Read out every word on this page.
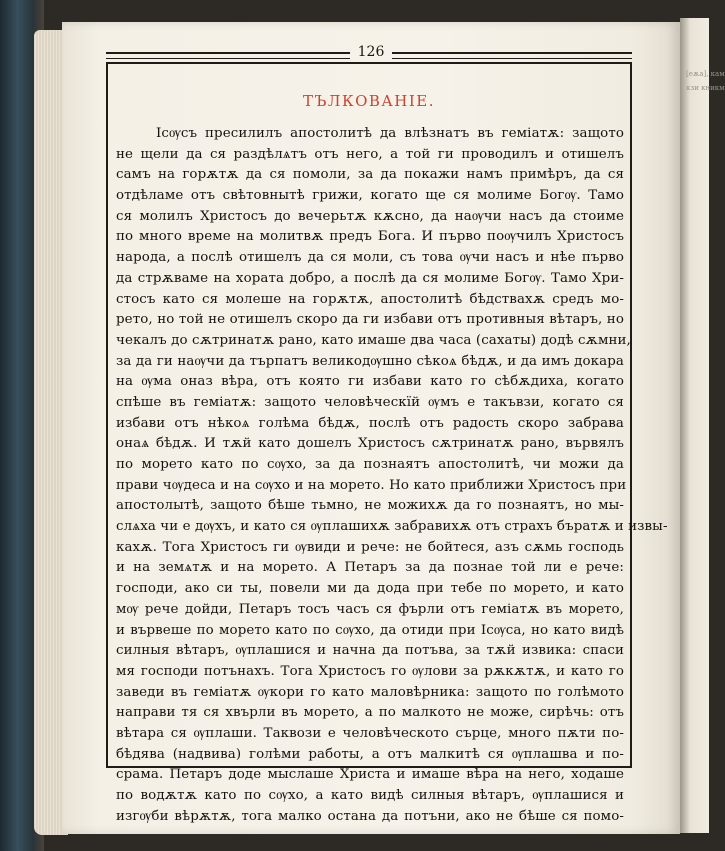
[еѫа], кам
кзи кникм
126
ТЪЛКОВАНІЕ.
Ісѹсъ пресилилъ апостолитѣ да влѣзнатъ въ гемiатѫ: защото
не щели да ся раздѣлѧтъ отъ него, а той ги проводилъ и отишелъ
самъ на горѫтѫ да ся помоли, за да покажи намъ примѣръ, да ся
отдѣламе отъ свѣтовнытѣ грижи, когато ще ся молиме Богѹ. Тамо
ся молилъ Христосъ до вечерьтѫ кѫсно, да наѹчи насъ да стоиме
по много време на молитвѫ предъ Бога. И първо поѹчилъ Христосъ
народа, а послѣ отишелъ да ся моли, съ това ѹчи насъ и нѣе първо
да стрѫваме на хората добро, а послѣ да ся молиме Богѹ. Тамо Хри-
стосъ като ся молеше на горѫтѫ, апостолитѣ бѣдствахѫ средъ мо-
рето, но той не отишелъ скоро да ги избави отъ противныя вѣтаръ, но
чекалъ до сѫтринатѫ рано, като имаше два часа (сахаты) додѣ сѫмни,
за да ги наѹчи да търпатъ великодѹшно сѣкоѧ бѣдѫ, и да имъ докара
на ѹма оназ вѣра, отъ която ги избави като го сѣбѫдиха, когато
спѣше въ гемiатѫ: защото человѣческїй ѹмъ е такъвзи, когато ся
избави отъ нѣкоѧ голѣма бѣдѫ, послѣ отъ радость скоро забрава
онаѧ бѣдѫ. И тѫй като дошелъ Христосъ сѫтринатѫ рано, вървялъ
по морето като по сѹхо, за да познаятъ апостолитѣ, чи можи да
прави чѹдеса и на сѹхо и на морето. Но като приближи Христосъ при
апостолытѣ, защото бѣше тьмно, не можихѫ да го познаятъ, но мы-
слѧха чи е дѹхъ, и като ся ѹплашихѫ забравихѫ отъ страхъ бъратѫ и извы-
кахѫ. Тога Христосъ ги ѹвиди и рече: не бойтеся, азъ сѫмь господь
и на земѧтѫ и на морето. А Петаръ за да познае той ли е рече:
господи, ако си ты, повели ми да дода при тебе по морето, и като
мѹ рече дойди, Петаръ тосъ часъ ся фърли отъ гемiатѫ въ морето,
и вървеше по морето като по сѹхо, да отиди при Ісѹса, но като видѣ
силныя вѣтаръ, ѹплашися и начна да потъва, за тѫй извика: спаси
мя господи потънахъ. Тога Христосъ го ѹлови за рѫкѫтѫ, и като го
заведи въ гемiатѫ ѹкори го като маловѣрника: защото по голѣмото
направи тя ся хвърли въ морето, а по малкото не може, сирѣчь: отъ
вѣтара ся ѹплаши. Таквози е человѣческото сърце, много пѫти по-
бѣдява (надвива) голѣми работы, а отъ малкитѣ ся ѹплашва и по-
срама. Петаръ доде мыслаше Христа и имаше вѣра на него, ходаше
по водѫтѫ като по сѹхо, а като видѣ силныя вѣтаръ, ѹплашися и
изгѹби вѣрѫтѫ, тога малко остана да потъни, ако не бѣше ся помо-
